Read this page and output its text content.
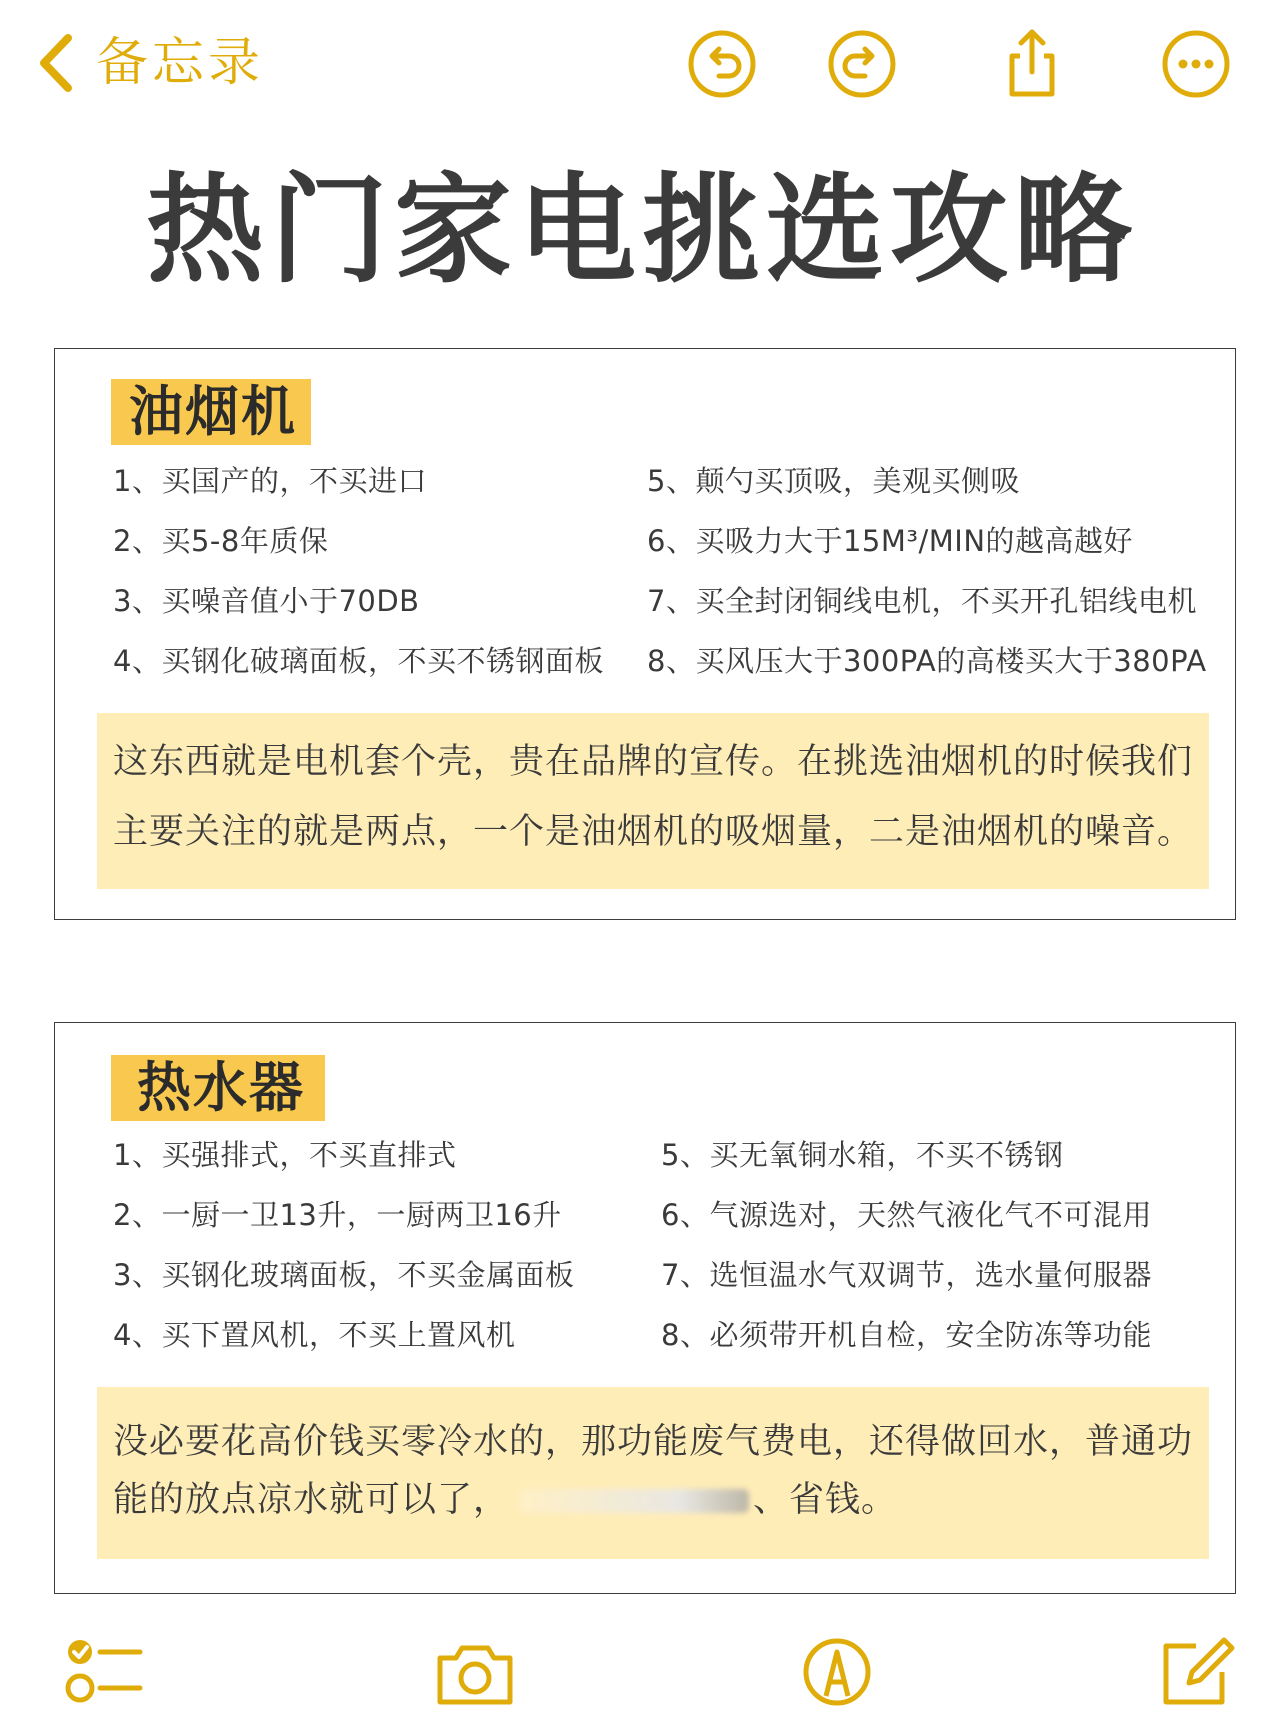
备忘录
热门家电挑选攻略
油烟机
1、买国产的，不买进口
2、买5-8年质保
3、买噪音值小于70DB
4、买钢化破璃面板，不买不锈钢面板
5、颠勺买顶吸，美观买侧吸
6、买吸力大于15M³/MIN的越高越好
7、买全封闭铜线电机，不买开孔铝线电机
8、买风压大于300PA的高楼买大于380PA
这东西就是电机套个壳，贵在品牌的宣传。在挑选油烟机的时候我们主要关注的就是两点，一个是油烟机的吸烟量，二是油烟机的噪音。
热水器
1、买强排式，不买直排式
2、一厨一卫13升，一厨两卫16升
3、买钢化玻璃面板，不买金属面板
4、买下置风机，不买上置风机
5、买无氧铜水箱，不买不锈钢
6、气源选对，天然气液化气不可混用
7、选恒温水气双调节，选水量何服器
8、必须带开机自检，安全防冻等功能
没必要花高价钱买零冷水的，那功能废气费电，还得做回水，普通功能的放点凉水就可以了，	、省钱。
